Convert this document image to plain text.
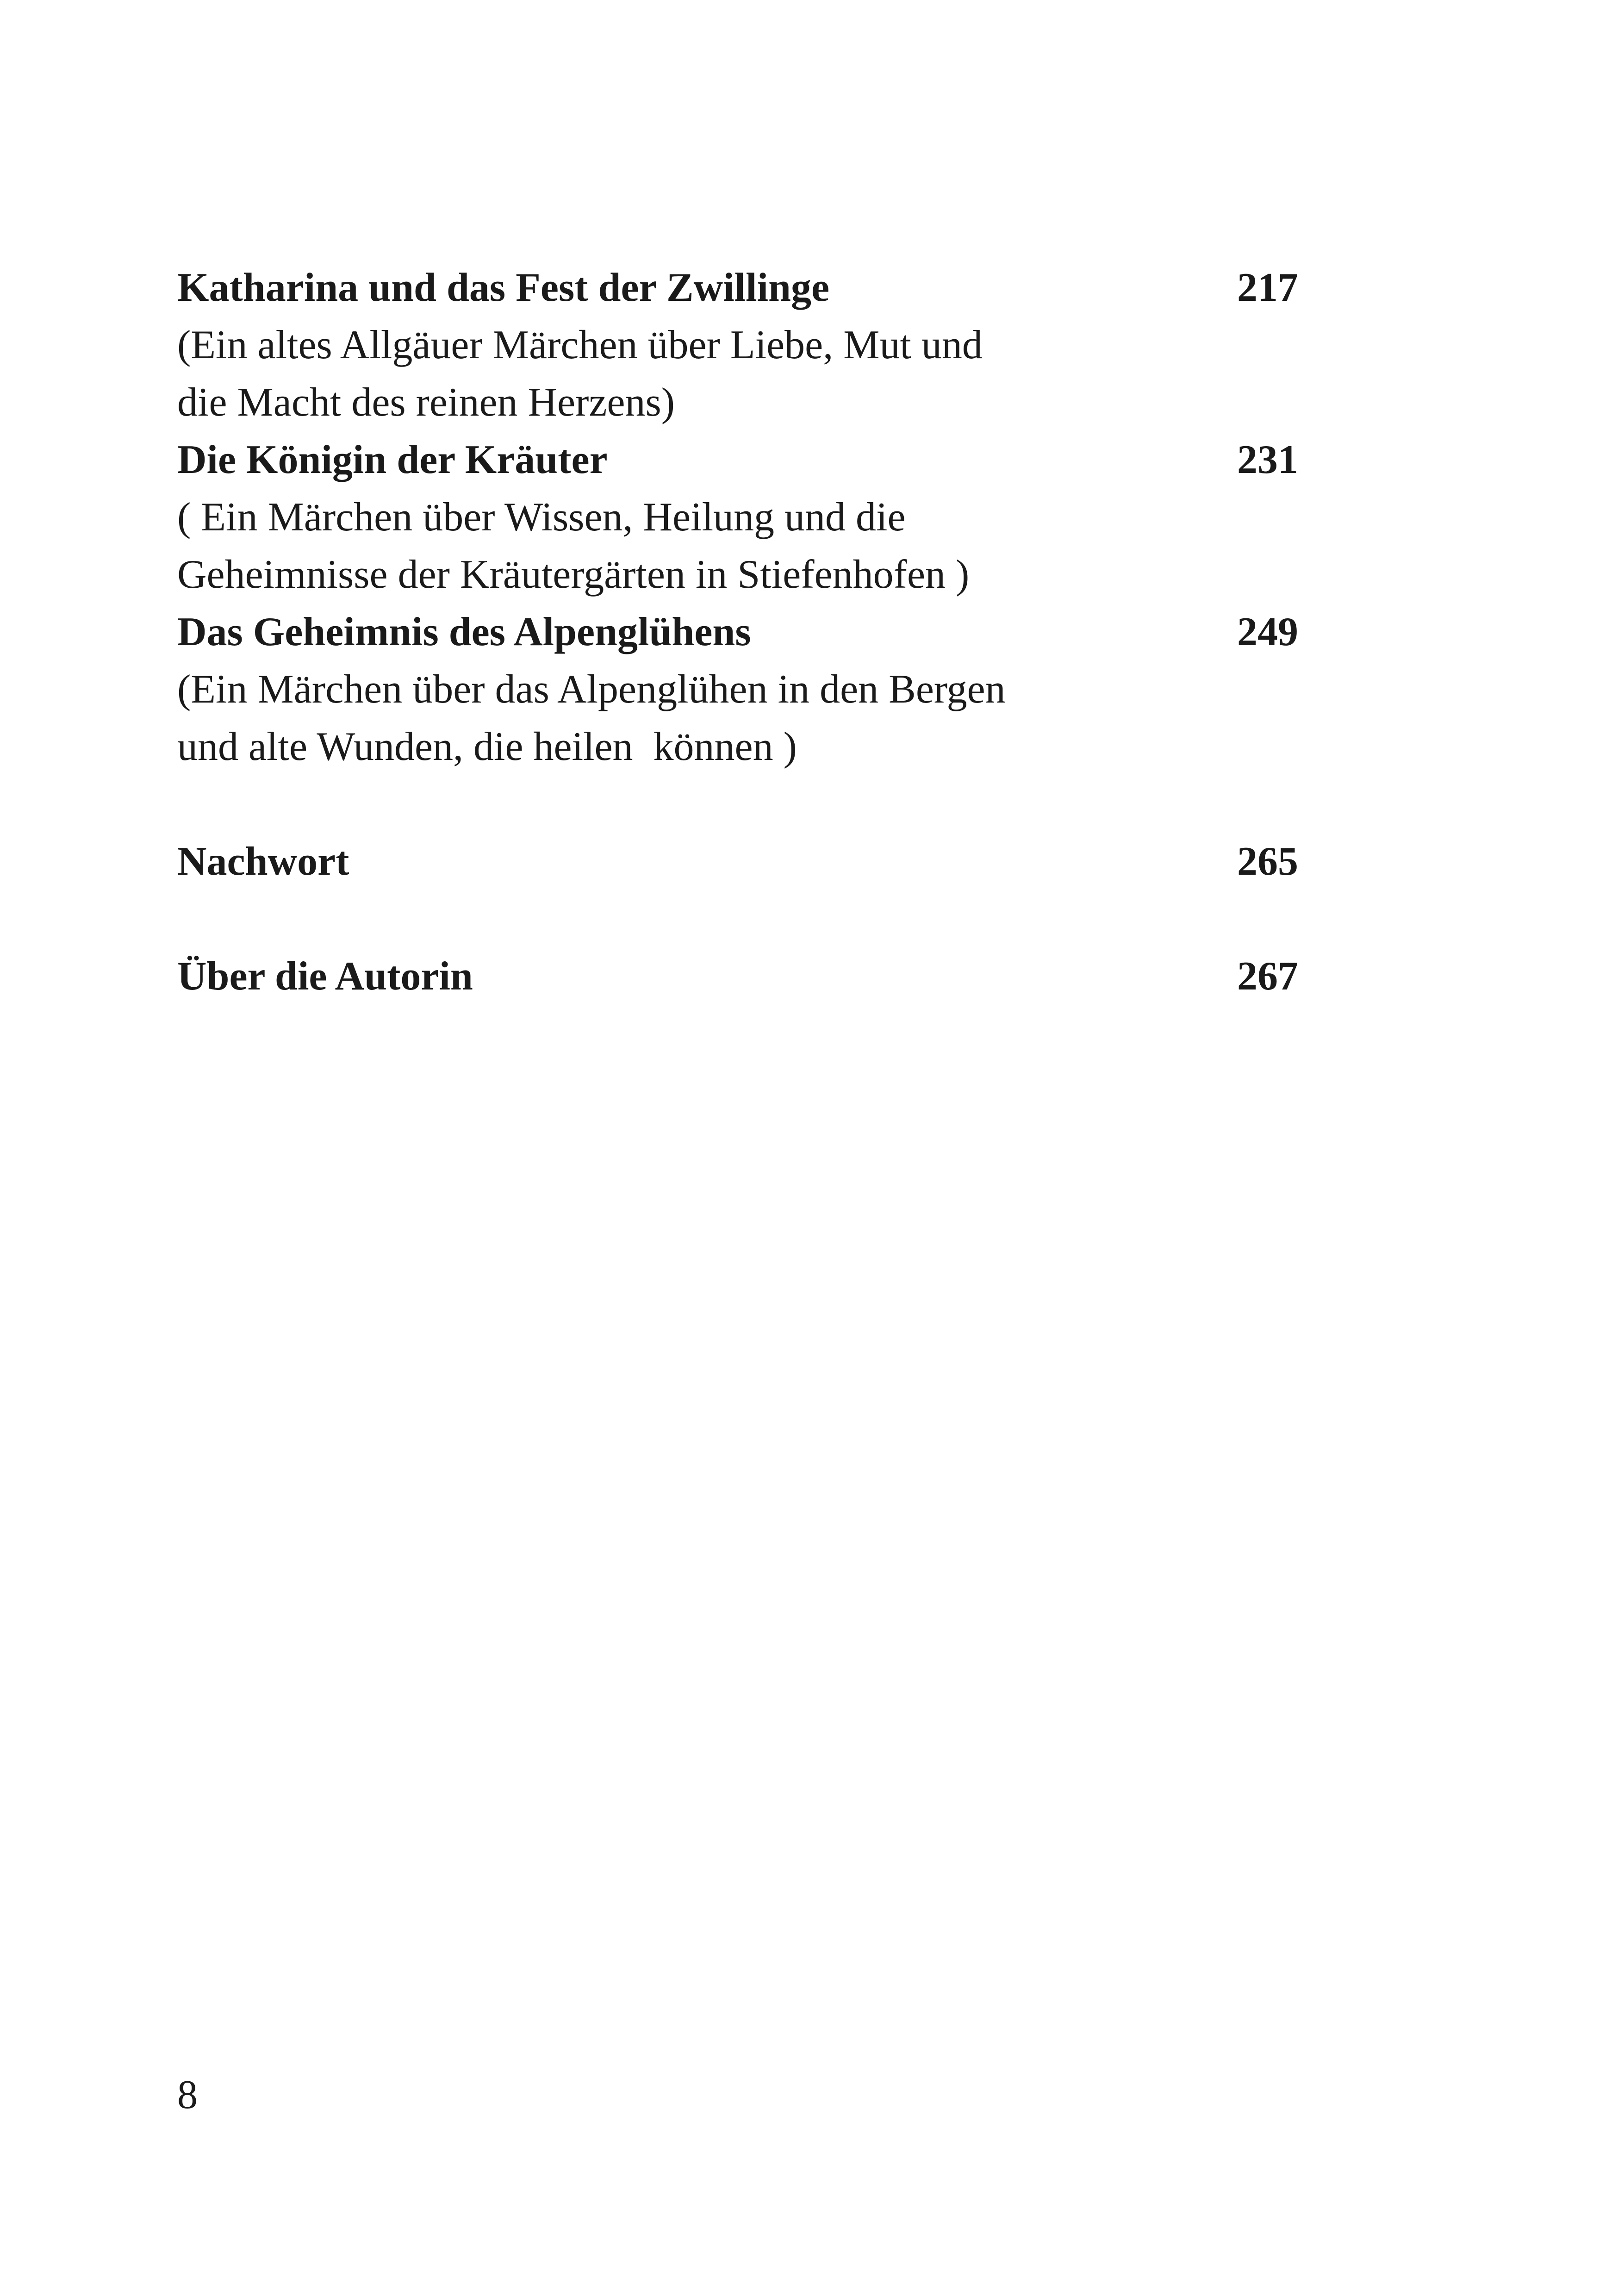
Katharina und das Fest der Zwillinge	217
(Ein altes Allgäuer Märchen über Liebe, Mut und
die Macht des reinen Herzens)
Die Königin der Kräuter	231
( Ein Märchen über Wissen, Heilung und die
Geheimnisse der Kräutergärten in Stiefenhofen )
Das Geheimnis des Alpenglühens	249
(Ein Märchen über das Alpenglühen in den Bergen
und alte Wunden, die heilen  können )
Nachwort	265
Über die Autorin	267
8
